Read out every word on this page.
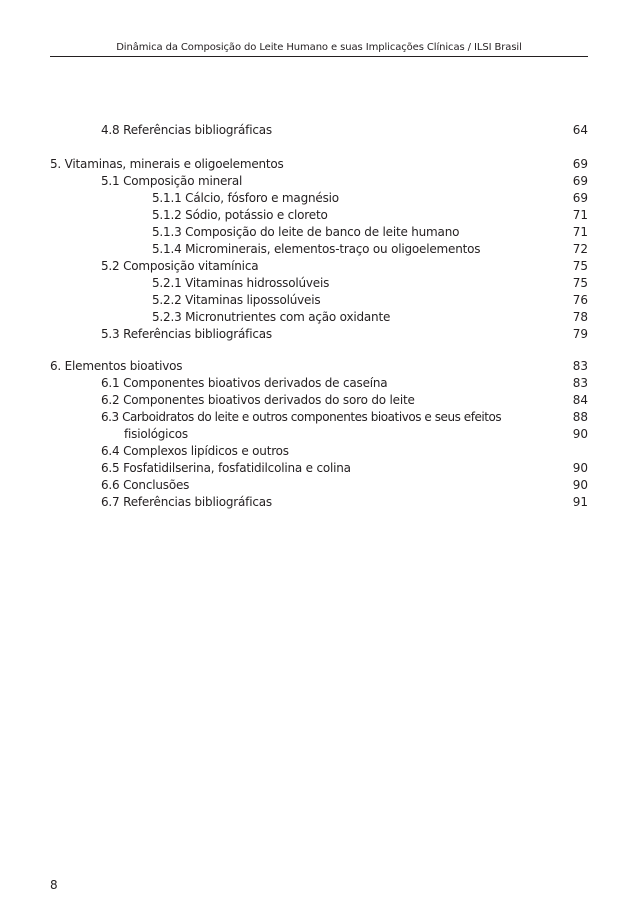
Dinâmica da Composição do Leite Humano e suas Implicações Clínicas / ILSI Brasil
4.8 Referências bibliográficas	64
5. Vitaminas, minerais e oligoelementos	69
5.1 Composição mineral	69
5.1.1 Cálcio, fósforo e magnésio	69
5.1.2 Sódio, potássio e cloreto	71
5.1.3 Composição do leite de banco de leite humano	71
5.1.4 Microminerais, elementos-traço ou oligoelementos	72
5.2 Composição vitamínica	75
5.2.1 Vitaminas hidrossolúveis	75
5.2.2 Vitaminas lipossolúveis	76
5.2.3 Micronutrientes com ação oxidante	78
5.3 Referências bibliográficas	79
6. Elementos bioativos	83
6.1 Componentes bioativos derivados de caseína	83
6.2 Componentes bioativos derivados do soro do leite	84
6.3 Carboidratos do leite e outros componentes bioativos e seus efeitos	88
fisiológicos	90
6.4 Complexos lipídicos e outros
6.5 Fosfatidilserina, fosfatidilcolina e colina	90
6.6 Conclusões	90
6.7 Referências bibliográficas	91
8
